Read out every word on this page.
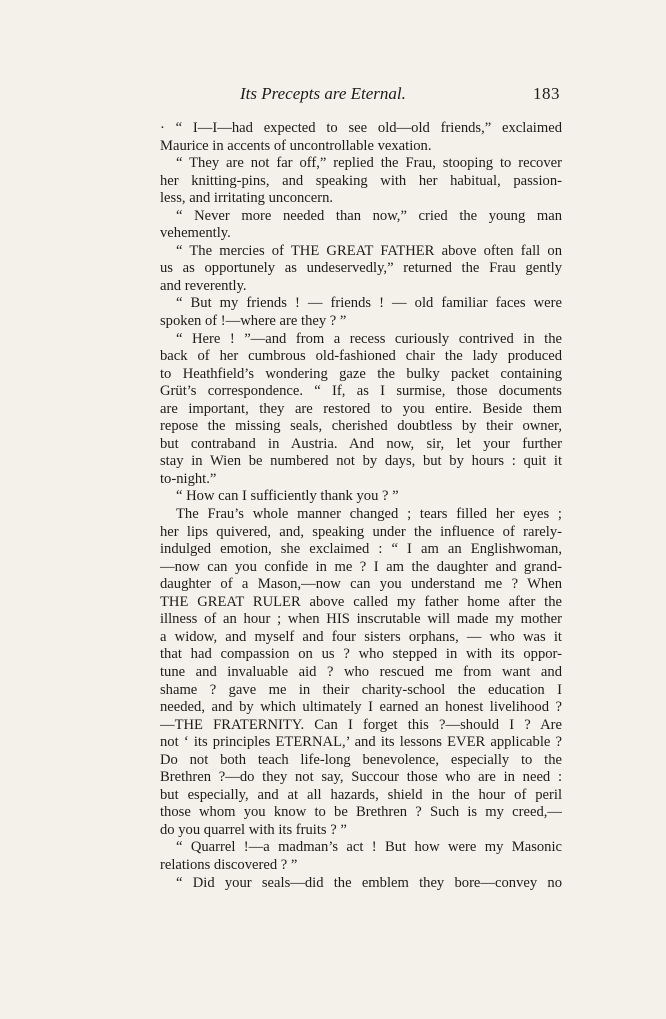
Its Precepts are Eternal.	183
· “ I—I—had expected to see old—old friends,” exclaimed
Maurice in accents of uncontrollable vexation.
“ They are not far off,” replied the Frau, stooping to recover
her knitting-pins, and speaking with her habitual, passion-
less, and irritating unconcern.
“ Never more needed than now,” cried the young man
vehemently.
“ The mercies of THE GREAT FATHER above often fall on
us as opportunely as undeservedly,” returned the Frau gently
and reverently.
“ But my friends ! — friends ! — old familiar faces were
spoken of !—where are they ? ”
“ Here ! ”—and from a recess curiously contrived in the
back of her cumbrous old-fashioned chair the lady produced
to Heathfield’s wondering gaze the bulky packet containing
Grüt’s correspondence. “ If, as I surmise, those documents
are important, they are restored to you entire. Beside them
repose the missing seals, cherished doubtless by their owner,
but contraband in Austria. And now, sir, let your further
stay in Wien be numbered not by days, but by hours : quit it
to-night.”
“ How can I sufficiently thank you ? ”
The Frau’s whole manner changed ; tears filled her eyes ;
her lips quivered, and, speaking under the influence of rarely-
indulged emotion, she exclaimed : “ I am an Englishwoman,
—now can you confide in me ? I am the daughter and grand-
daughter of a Mason,—now can you understand me ? When
THE GREAT RULER above called my father home after the
illness of an hour ; when HIS inscrutable will made my mother
a widow, and myself and four sisters orphans, — who was it
that had compassion on us ? who stepped in with its oppor-
tune and invaluable aid ? who rescued me from want and
shame ? gave me in their charity-school the education I
needed, and by which ultimately I earned an honest livelihood ?
—THE FRATERNITY. Can I forget this ?—should I ? Are
not ‘ its principles ETERNAL,’ and its lessons EVER applicable ?
Do not both teach life-long benevolence, especially to the
Brethren ?—do they not say, Succour those who are in need :
but especially, and at all hazards, shield in the hour of peril
those whom you know to be Brethren ? Such is my creed,—
do you quarrel with its fruits ? ”
“ Quarrel !—a madman’s act ! But how were my Masonic
relations discovered ? ”
“ Did your seals—did the emblem they bore—convey no
